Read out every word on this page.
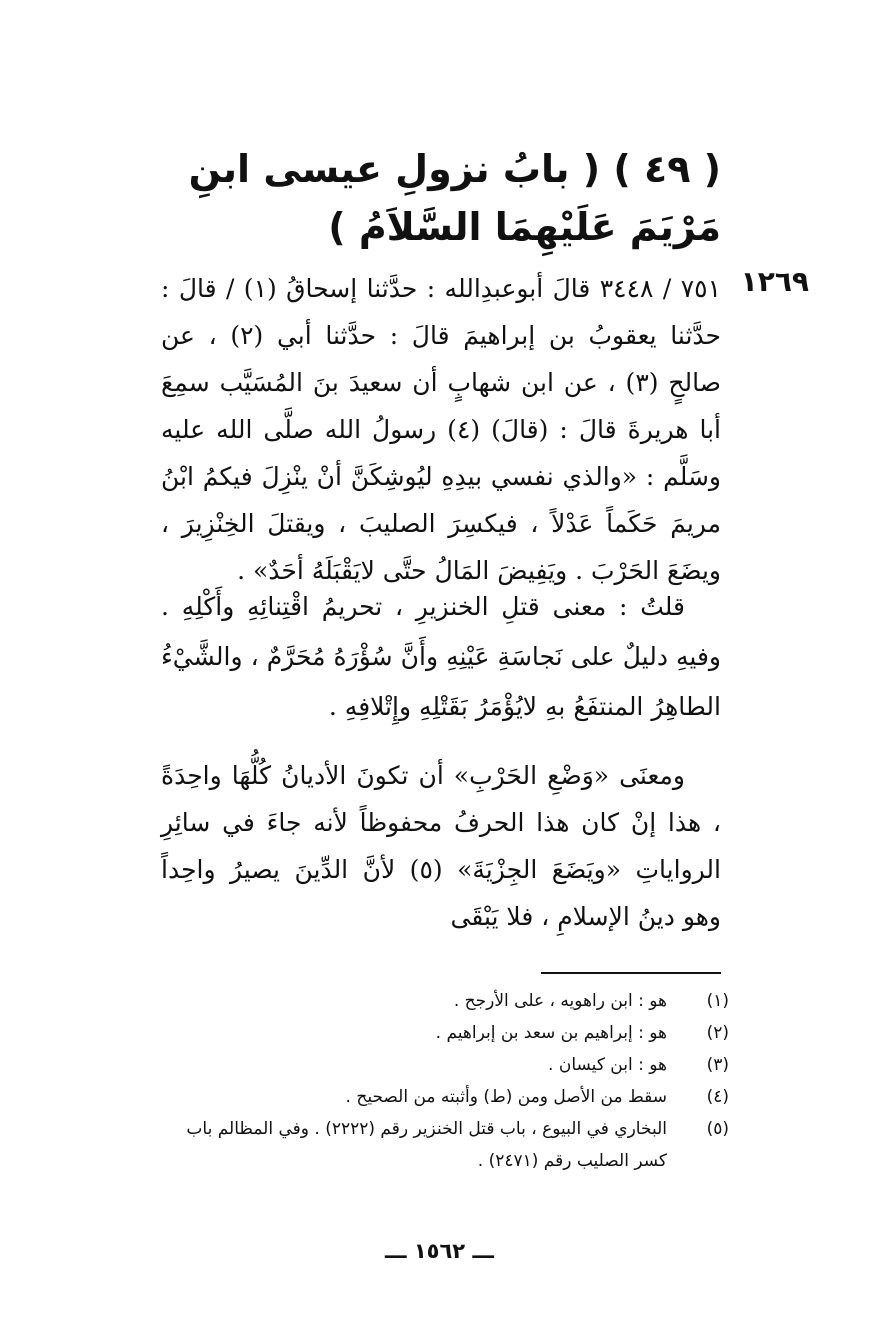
( ٤٩ ) ( بابُ نزولِ عيسى ابنِ مَرْيَمَ عَلَيْهِمَا السَّلاَمُ )
١٢٦٩

٧٥١ / ٣٤٤٨ قالَ أبوعبدِالله : حدَّثنا إسحاقُ (١) / قالَ : حدَّثنا يعقوبُ بن إبراهيمَ قالَ : حدَّثنا أبي (٢) ، عن صالحٍ (٣) ، عن ابن شهابٍ أن سعيدَ بنَ المُسَيَّب سمِعَ أبا هريرةَ قالَ : (قالَ) (٤) رسولُ الله صلَّى الله عليه وسَلَّم : «والذي نفسي بيدِهِ ليُوشِكَنَّ أنْ ينْزِلَ فيكمُ ابْنُ مريمَ حَكَماً عَدْلاً ، فيكسِرَ الصليبَ ، ويقتلَ الخِنْزِيرَ ، ويضَعَ الحَرْبَ . ويَفِيضَ المَالُ حتَّى لايَقْبَلَهُ أحَدٌ» .

قلتُ : معنى قتلِ الخنزيرِ ، تحريمُ اقْتِنائِهِ وأَكْلِهِ . وفيهِ دليلٌ على نَجاسَةِ عَيْنِهِ وأَنَّ سُؤْرَهُ مُحَرَّمٌ ، والشَّيْءُ الطاهِرُ المنتفَعُ بهِ لايُؤْمَرُ بَقَتْلِهِ وإِتْلافِهِ .

ومعنَى «وَضْعِ الحَرْبِ» أن تكونَ الأديانُ كُلُّهَا واحِدَةً ، هذا إنْ كان هذا الحرفُ محفوظاً لأنه جاءَ في سائِرِ الرواياتِ «ويَضَعَ الجِزْيَةَ» (٥) لأنَّ الدِّينَ يصيرُ واحِداً وهو دينُ الإسلامِ ، فلا يَبْقَى

(١)
هو : ابن راهويه ، على الأرجح .
(٢)
هو : إبراهيم بن سعد بن إبراهيم .
(٣)
هو : ابن كيسان .
(٤)
سقط من الأصل ومن (ط) وأثبته من الصحيح .
(٥)
البخاري في البيوع ، باب قتل الخنزير رقم (٢٢٢٢) . وفي المظالم باب كسر الصليب رقم (٢٤٧١) .
ـــ ١٥٦٢ ـــ
